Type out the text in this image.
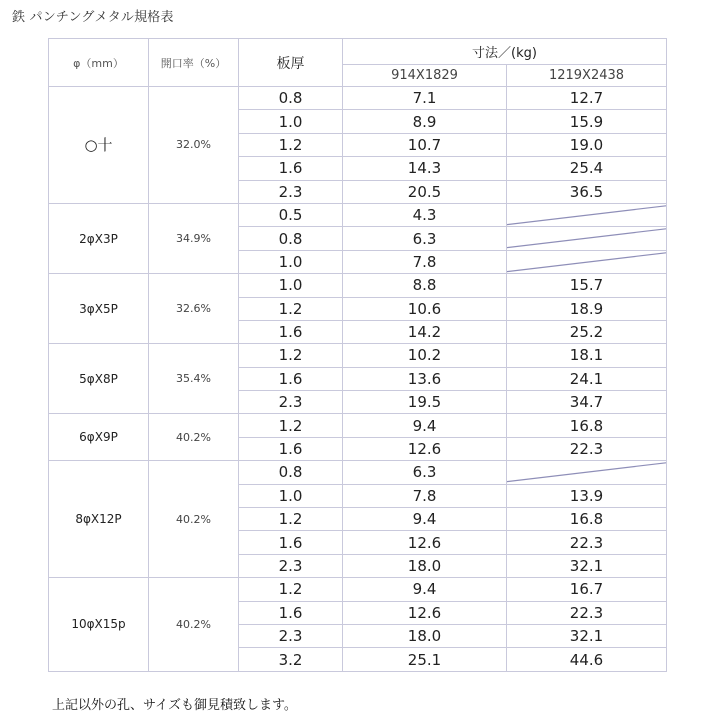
鉄 パンチングメタル規格表
φ（mm）	開口率（%）	板厚	寸法／(kg)	
			914X1829	1219X2438
○十	32.0%	0.8	7.1	12.7
		1.0	8.9	15.9
		1.2	10.7	19.0
		1.6	14.3	25.4
		2.3	20.5	36.5
2φX3P	34.9%	0.5	4.3	

		0.8	6.3	

		1.0	7.8	

3φX5P	32.6%	1.0	8.8	15.7
		1.2	10.6	18.9
		1.6	14.2	25.2
5φX8P	35.4%	1.2	10.2	18.1
		1.6	13.6	24.1
		2.3	19.5	34.7
6φX9P	40.2%	1.2	9.4	16.8
		1.6	12.6	22.3
8φX12P	40.2%	0.8	6.3	

		1.0	7.8	13.9
		1.2	9.4	16.8
		1.6	12.6	22.3
		2.3	18.0	32.1
10φX15p	40.2%	1.2	9.4	16.7
		1.6	12.6	22.3
		2.3	18.0	32.1
		3.2	25.1	44.6
上記以外の孔、サイズも御見積致します。
